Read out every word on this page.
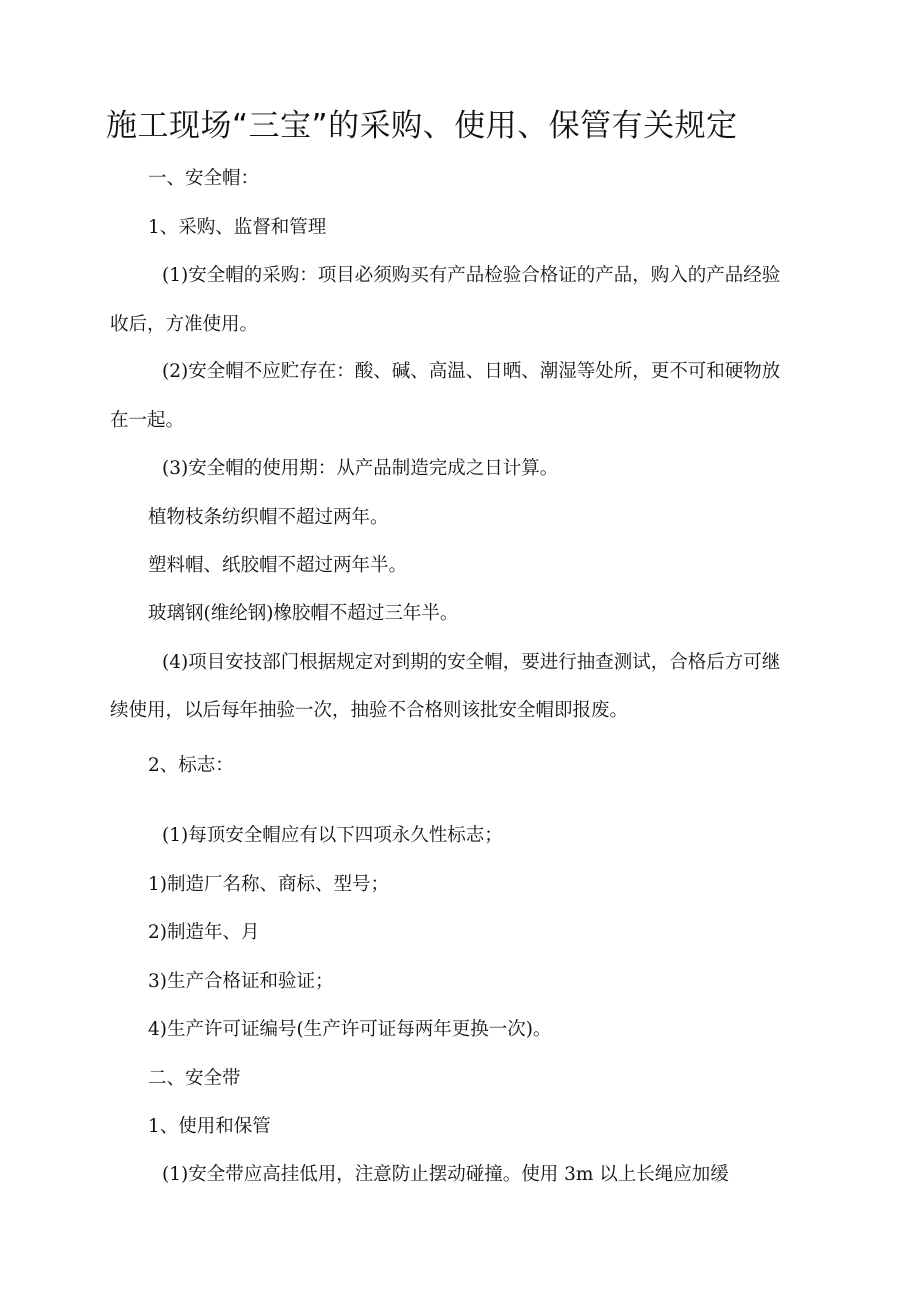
施工现场“三宝”的采购、使用、保管有关规定

一、安全帽：

1、采购、监督和管理

(1)安全帽的采购：项目必须购买有产品检验合格证的产品，购入的产品经验

收后，方准使用。

(2)安全帽不应贮存在：酸、碱、高温、日晒、潮湿等处所，更不可和硬物放

在一起。

(3)安全帽的使用期：从产品制造完成之日计算。

植物枝条纺织帽不超过两年。

塑料帽、纸胶帽不超过两年半。

玻璃钢(维纶钢)橡胶帽不超过三年半。

(4)项目安技部门根据规定对到期的安全帽，要进行抽查测试，合格后方可继

续使用，以后每年抽验一次，抽验不合格则该批安全帽即报废。

2、标志：

(1)每顶安全帽应有以下四项永久性标志；

1)制造厂名称、商标、型号；

2)制造年、月

3)生产合格证和验证；

4)生产许可证编号(生产许可证每两年更换一次)。

二、安全带

1、使用和保管

(1)安全带应高挂低用，注意防止摆动碰撞。使用 3m 以上长绳应加缓
